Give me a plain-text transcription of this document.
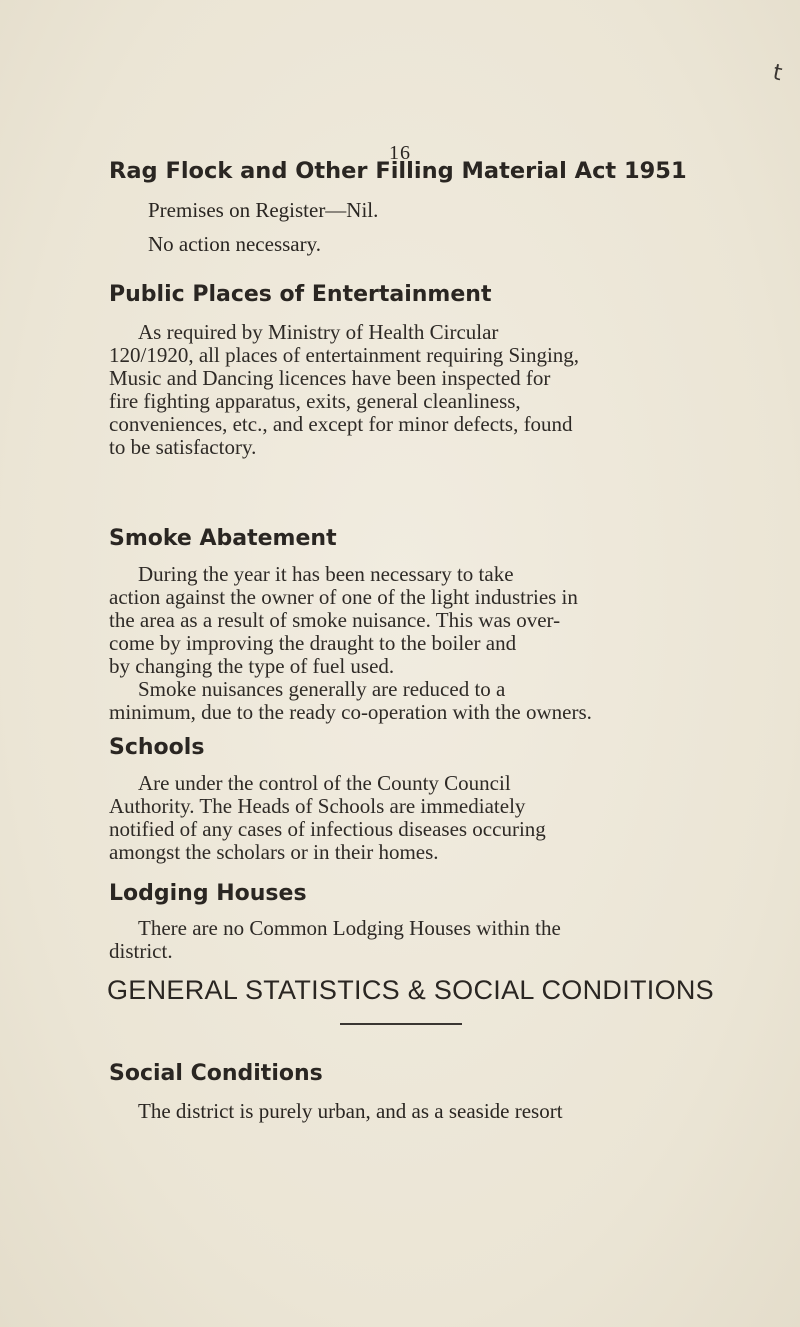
t
16
Rag Flock and Other Filling Material Act 1951
Premises on Register—Nil.
No action necessary.
Public Places of Entertainment
As required by Ministry of Health Circular
120/1920, all places of entertainment requiring Singing,
Music and Dancing licences have been inspected for
fire fighting apparatus, exits, general cleanliness,
conveniences, etc., and except for minor defects, found
to be satisfactory.
Smoke Abatement
During the year it has been necessary to take
action against the owner of one of the light industries in
the area as a result of smoke nuisance. This was over-
come by improving the draught to the boiler and
by changing the type of fuel used.
Smoke nuisances generally are reduced to a
minimum, due to the ready co-operation with the owners.
Schools
Are under the control of the County Council
Authority. The Heads of Schools are immediately
notified of any cases of infectious diseases occuring
amongst the scholars or in their homes.
Lodging Houses
There are no Common Lodging Houses within the
district.
GENERAL STATISTICS & SOCIAL CONDITIONS
Social Conditions
The district is purely urban, and as a seaside resort
